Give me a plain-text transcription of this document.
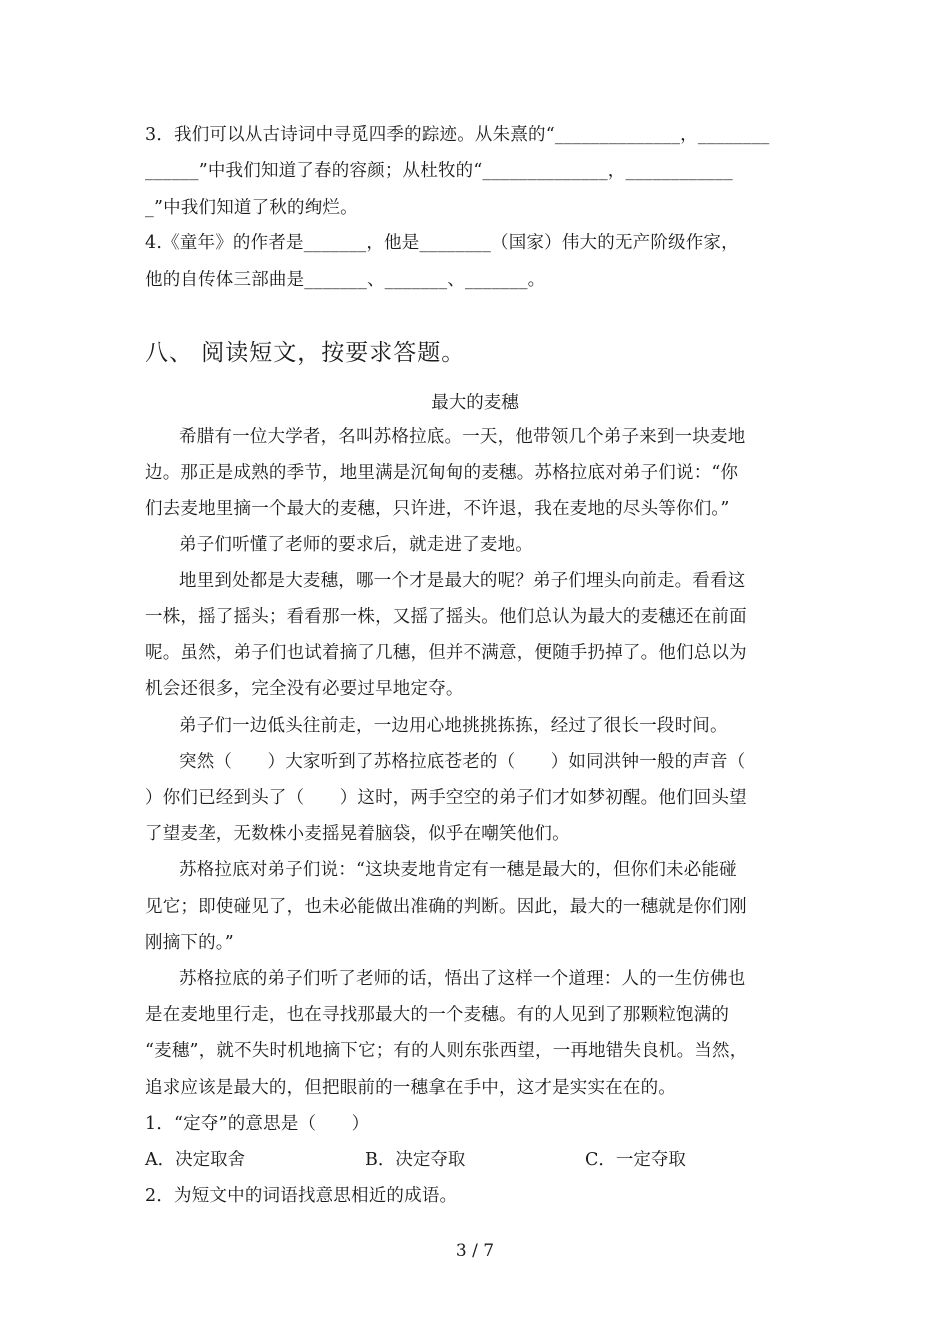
3．我们可以从古诗词中寻觅四季的踪迹。从朱熹的“______________，________
______”中我们知道了春的容颜；从杜牧的“______________，____________
_”中我们知道了秋的绚烂。
4.《童年》的作者是_______，他是________（国家）伟大的无产阶级作家，
他的自传体三部曲是_______、_______、_______。
八、 阅读短文，按要求答题。
最大的麦穗
希腊有一位大学者，名叫苏格拉底。一天，他带领几个弟子来到一块麦地
边。那正是成熟的季节，地里满是沉甸甸的麦穗。苏格拉底对弟子们说：“你
们去麦地里摘一个最大的麦穗，只许进，不许退，我在麦地的尽头等你们。”
弟子们听懂了老师的要求后，就走进了麦地。
地里到处都是大麦穗，哪一个才是最大的呢？弟子们埋头向前走。看看这
一株，摇了摇头；看看那一株，又摇了摇头。他们总认为最大的麦穗还在前面
呢。虽然，弟子们也试着摘了几穗，但并不满意，便随手扔掉了。他们总以为
机会还很多，完全没有必要过早地定夺。
弟子们一边低头往前走，一边用心地挑挑拣拣，经过了很长一段时间。
突然（　　）大家听到了苏格拉底苍老的（　　）如同洪钟一般的声音（
）你们已经到头了（　　）这时，两手空空的弟子们才如梦初醒。他们回头望
了望麦垄，无数株小麦摇晃着脑袋，似乎在嘲笑他们。
苏格拉底对弟子们说：“这块麦地肯定有一穗是最大的，但你们未必能碰
见它；即使碰见了，也未必能做出准确的判断。因此，最大的一穗就是你们刚
刚摘下的。”
苏格拉底的弟子们听了老师的话，悟出了这样一个道理：人的一生仿佛也
是在麦地里行走，也在寻找那最大的一个麦穗。有的人见到了那颗粒饱满的
“麦穗”，就不失时机地摘下它；有的人则东张西望，一再地错失良机。当然，
追求应该是最大的，但把眼前的一穗拿在手中，这才是实实在在的。
1．“定夺”的意思是（　　）
A．决定取舍	B．决定夺取	C．一定夺取
2．为短文中的词语找意思相近的成语。
3 / 7
